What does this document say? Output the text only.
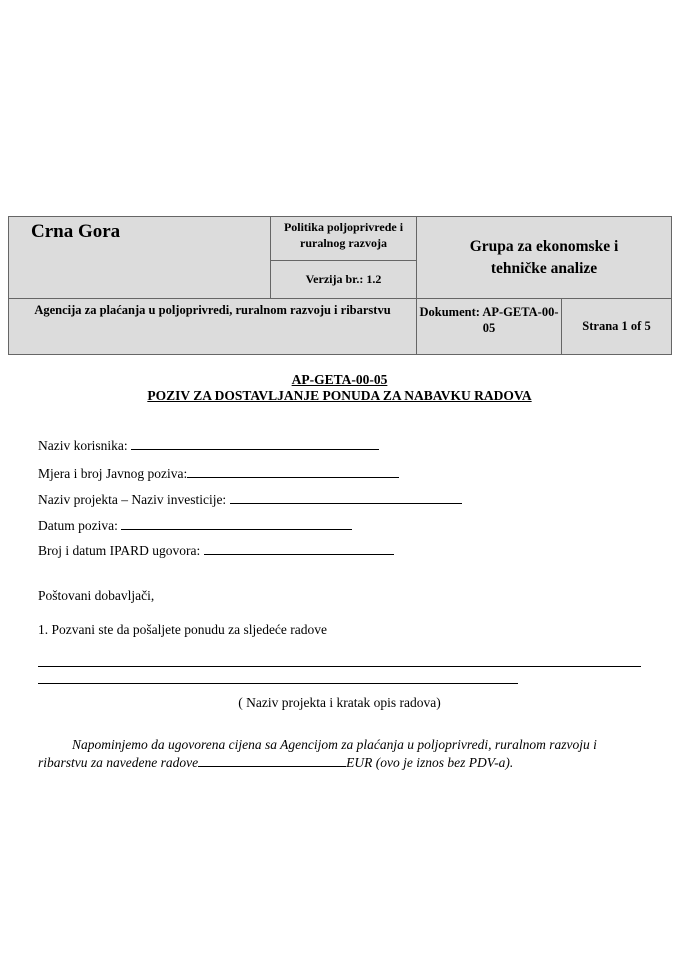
Crna Gora	Politika poljoprivrede i ruralnog razvoja	Grupa za ekonomske i tehničke analize	

	Verzija br.: 1.2		

Agencija za plaćanja u poljoprivredi, ruralnom razvoju i ribarstvu		Dokument: AP-GETA-00-05	Strana 1 of 5
AP-GETA-00-05
POZIV ZA DOSTAVLJANJE PONUDA ZA NABAVKU RADOVA
Naziv korisnika:
Mjera i broj Javnog poziva:
Naziv projekta – Naziv investicije:
Datum poziva:
Broj i datum IPARD ugovora:
Poštovani dobavljači,
1. Pozvani ste da pošaljete ponudu za sljedeće radove
( Naziv projekta i kratak opis radova)
Napominjemo da ugovorena cijena sa Agencijom za plaćanja u poljoprivredi, ruralnom razvoju i ribarstvu za navedene radove	EUR (ovo je iznos bez PDV-a).
